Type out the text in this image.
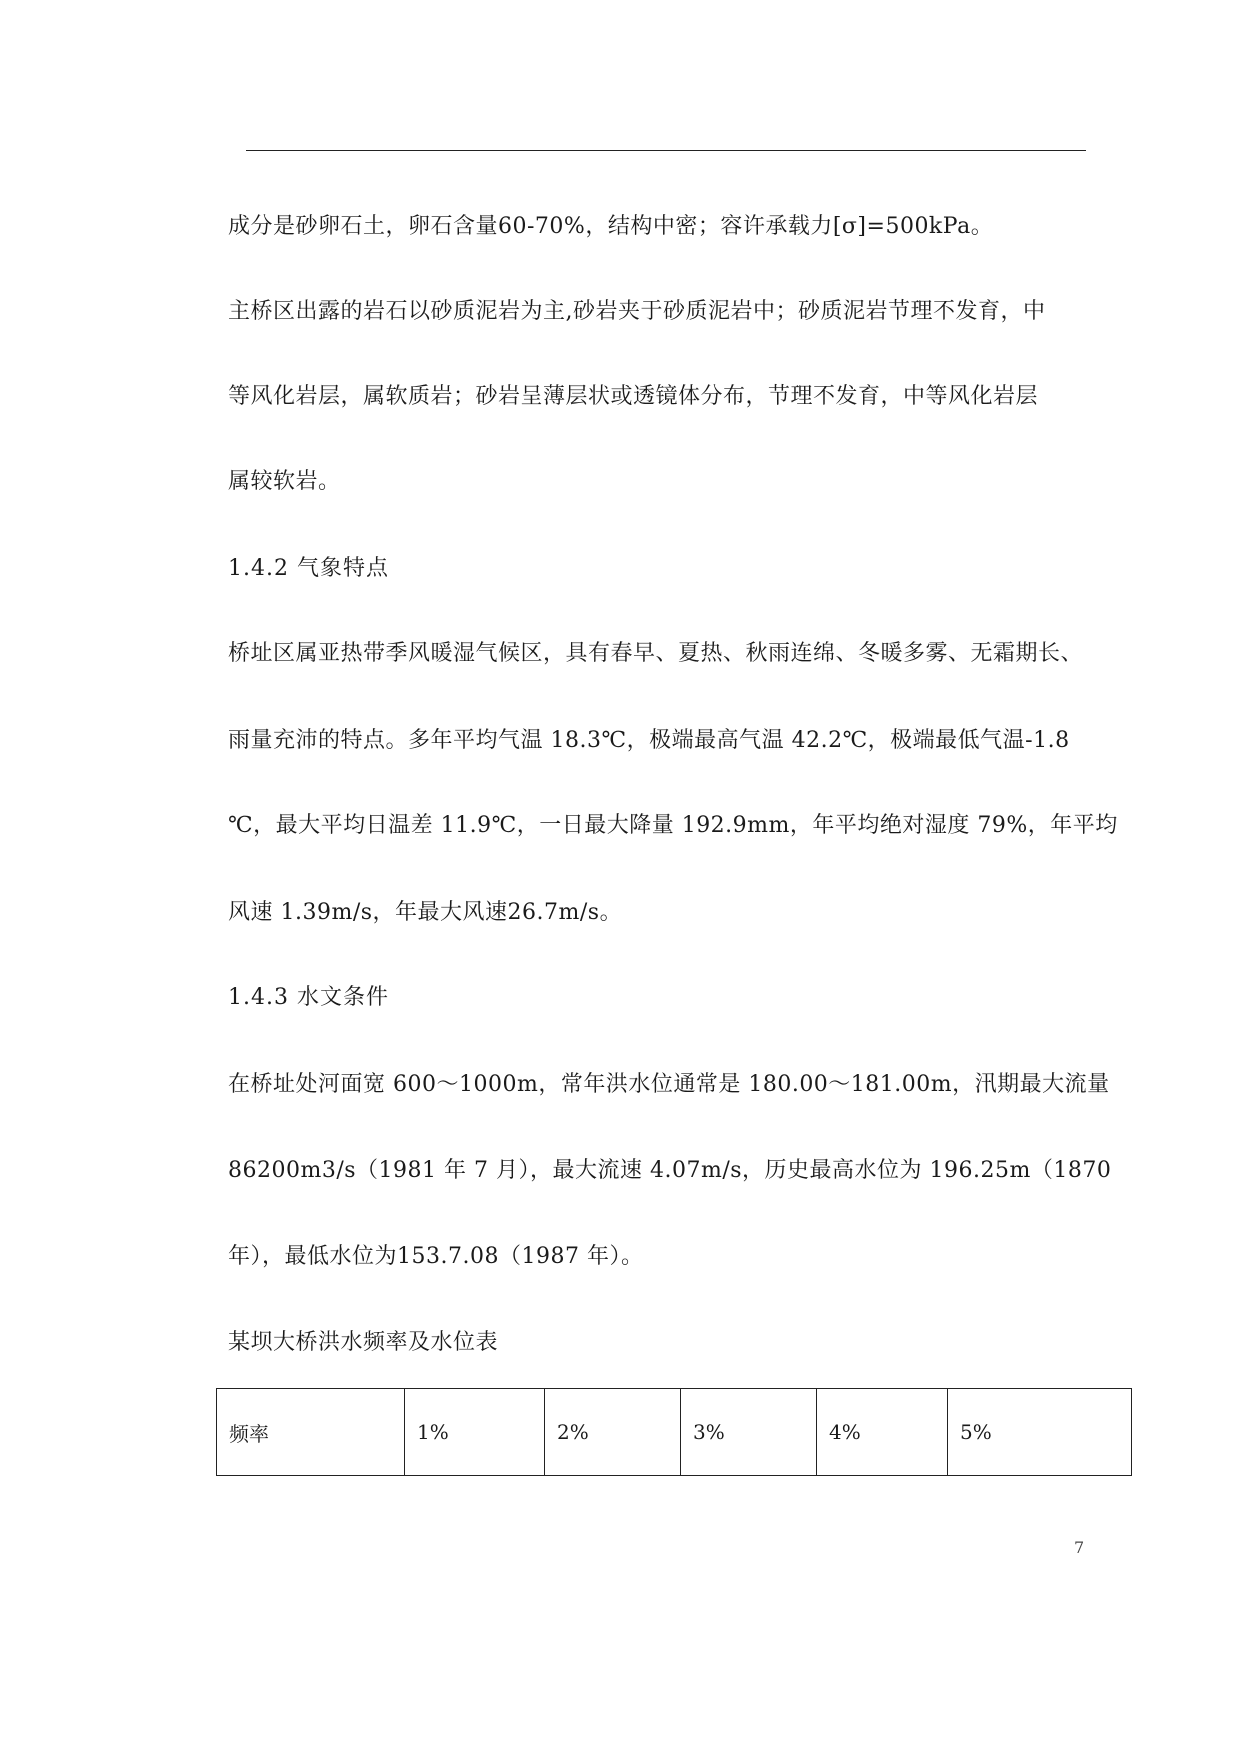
成分是砂卵石土，卵石含量60-70%，结构中密；容许承载力[σ]=500kPa。
主桥区出露的岩石以砂质泥岩为主,砂岩夹于砂质泥岩中；砂质泥岩节理不发育，中
等风化岩层，属软质岩；砂岩呈薄层状或透镜体分布，节理不发育，中等风化岩层
属较软岩。
1.4.2 气象特点
桥址区属亚热带季风暖湿气候区，具有春早、夏热、秋雨连绵、冬暖多雾、无霜期长、
雨量充沛的特点。多年平均气温 18.3℃，极端最高气温 42.2℃，极端最低气温-1.8
℃，最大平均日温差 11.9℃，一日最大降量 192.9mm，年平均绝对湿度 79%，年平均
风速 1.39m/s，年最大风速26.7m/s。
1.4.3 水文条件
在桥址处河面宽 600～1000m，常年洪水位通常是 180.00～181.00m，汛期最大流量
86200m3/s（1981 年 7 月），最大流速 4.07m/s，历史最高水位为 196.25m（1870
年），最低水位为153.7.08（1987 年）。
某坝大桥洪水频率及水位表
频率	1%	2%	3%	4%	5%
7
